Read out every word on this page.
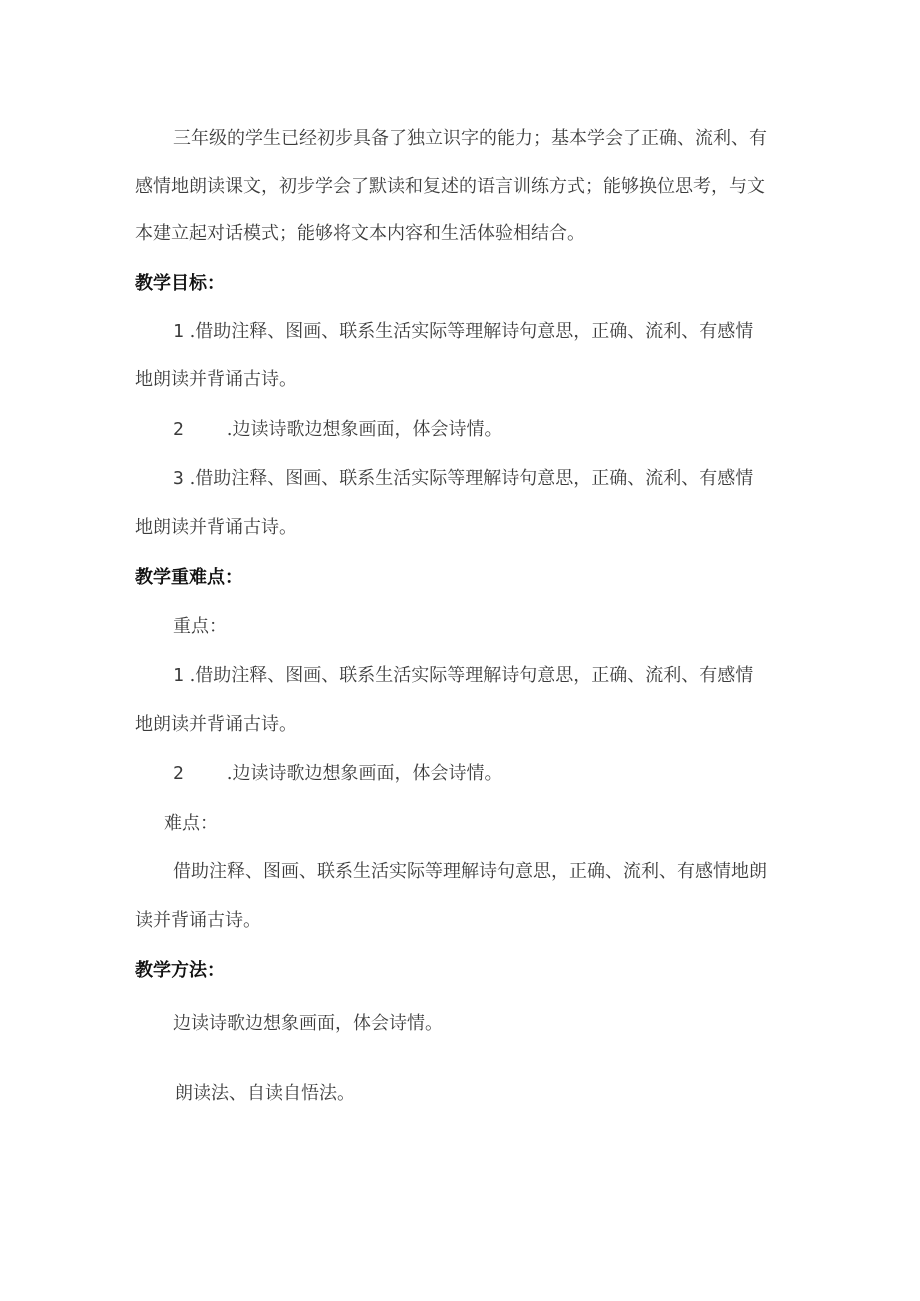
三年级的学生已经初步具备了独立识字的能力；基本学会了正确、流利、有
感情地朗读课文，初步学会了默读和复述的语言训练方式；能够换位思考，与文
本建立起对话模式；能够将文本内容和生活体验相结合。
教学目标：
1 .借助注释、图画、联系生活实际等理解诗句意思，正确、流利、有感情
地朗读并背诵古诗。
2 .边读诗歌边想象画面，体会诗情。
3 .借助注释、图画、联系生活实际等理解诗句意思，正确、流利、有感情
地朗读并背诵古诗。
教学重难点：
重点：
1 .借助注释、图画、联系生活实际等理解诗句意思，正确、流利、有感情
地朗读并背诵古诗。
2 .边读诗歌边想象画面，体会诗情。
难点：
借助注释、图画、联系生活实际等理解诗句意思，正确、流利、有感情地朗
读并背诵古诗。
教学方法：
边读诗歌边想象画面，体会诗情。
朗读法、自读自悟法。
